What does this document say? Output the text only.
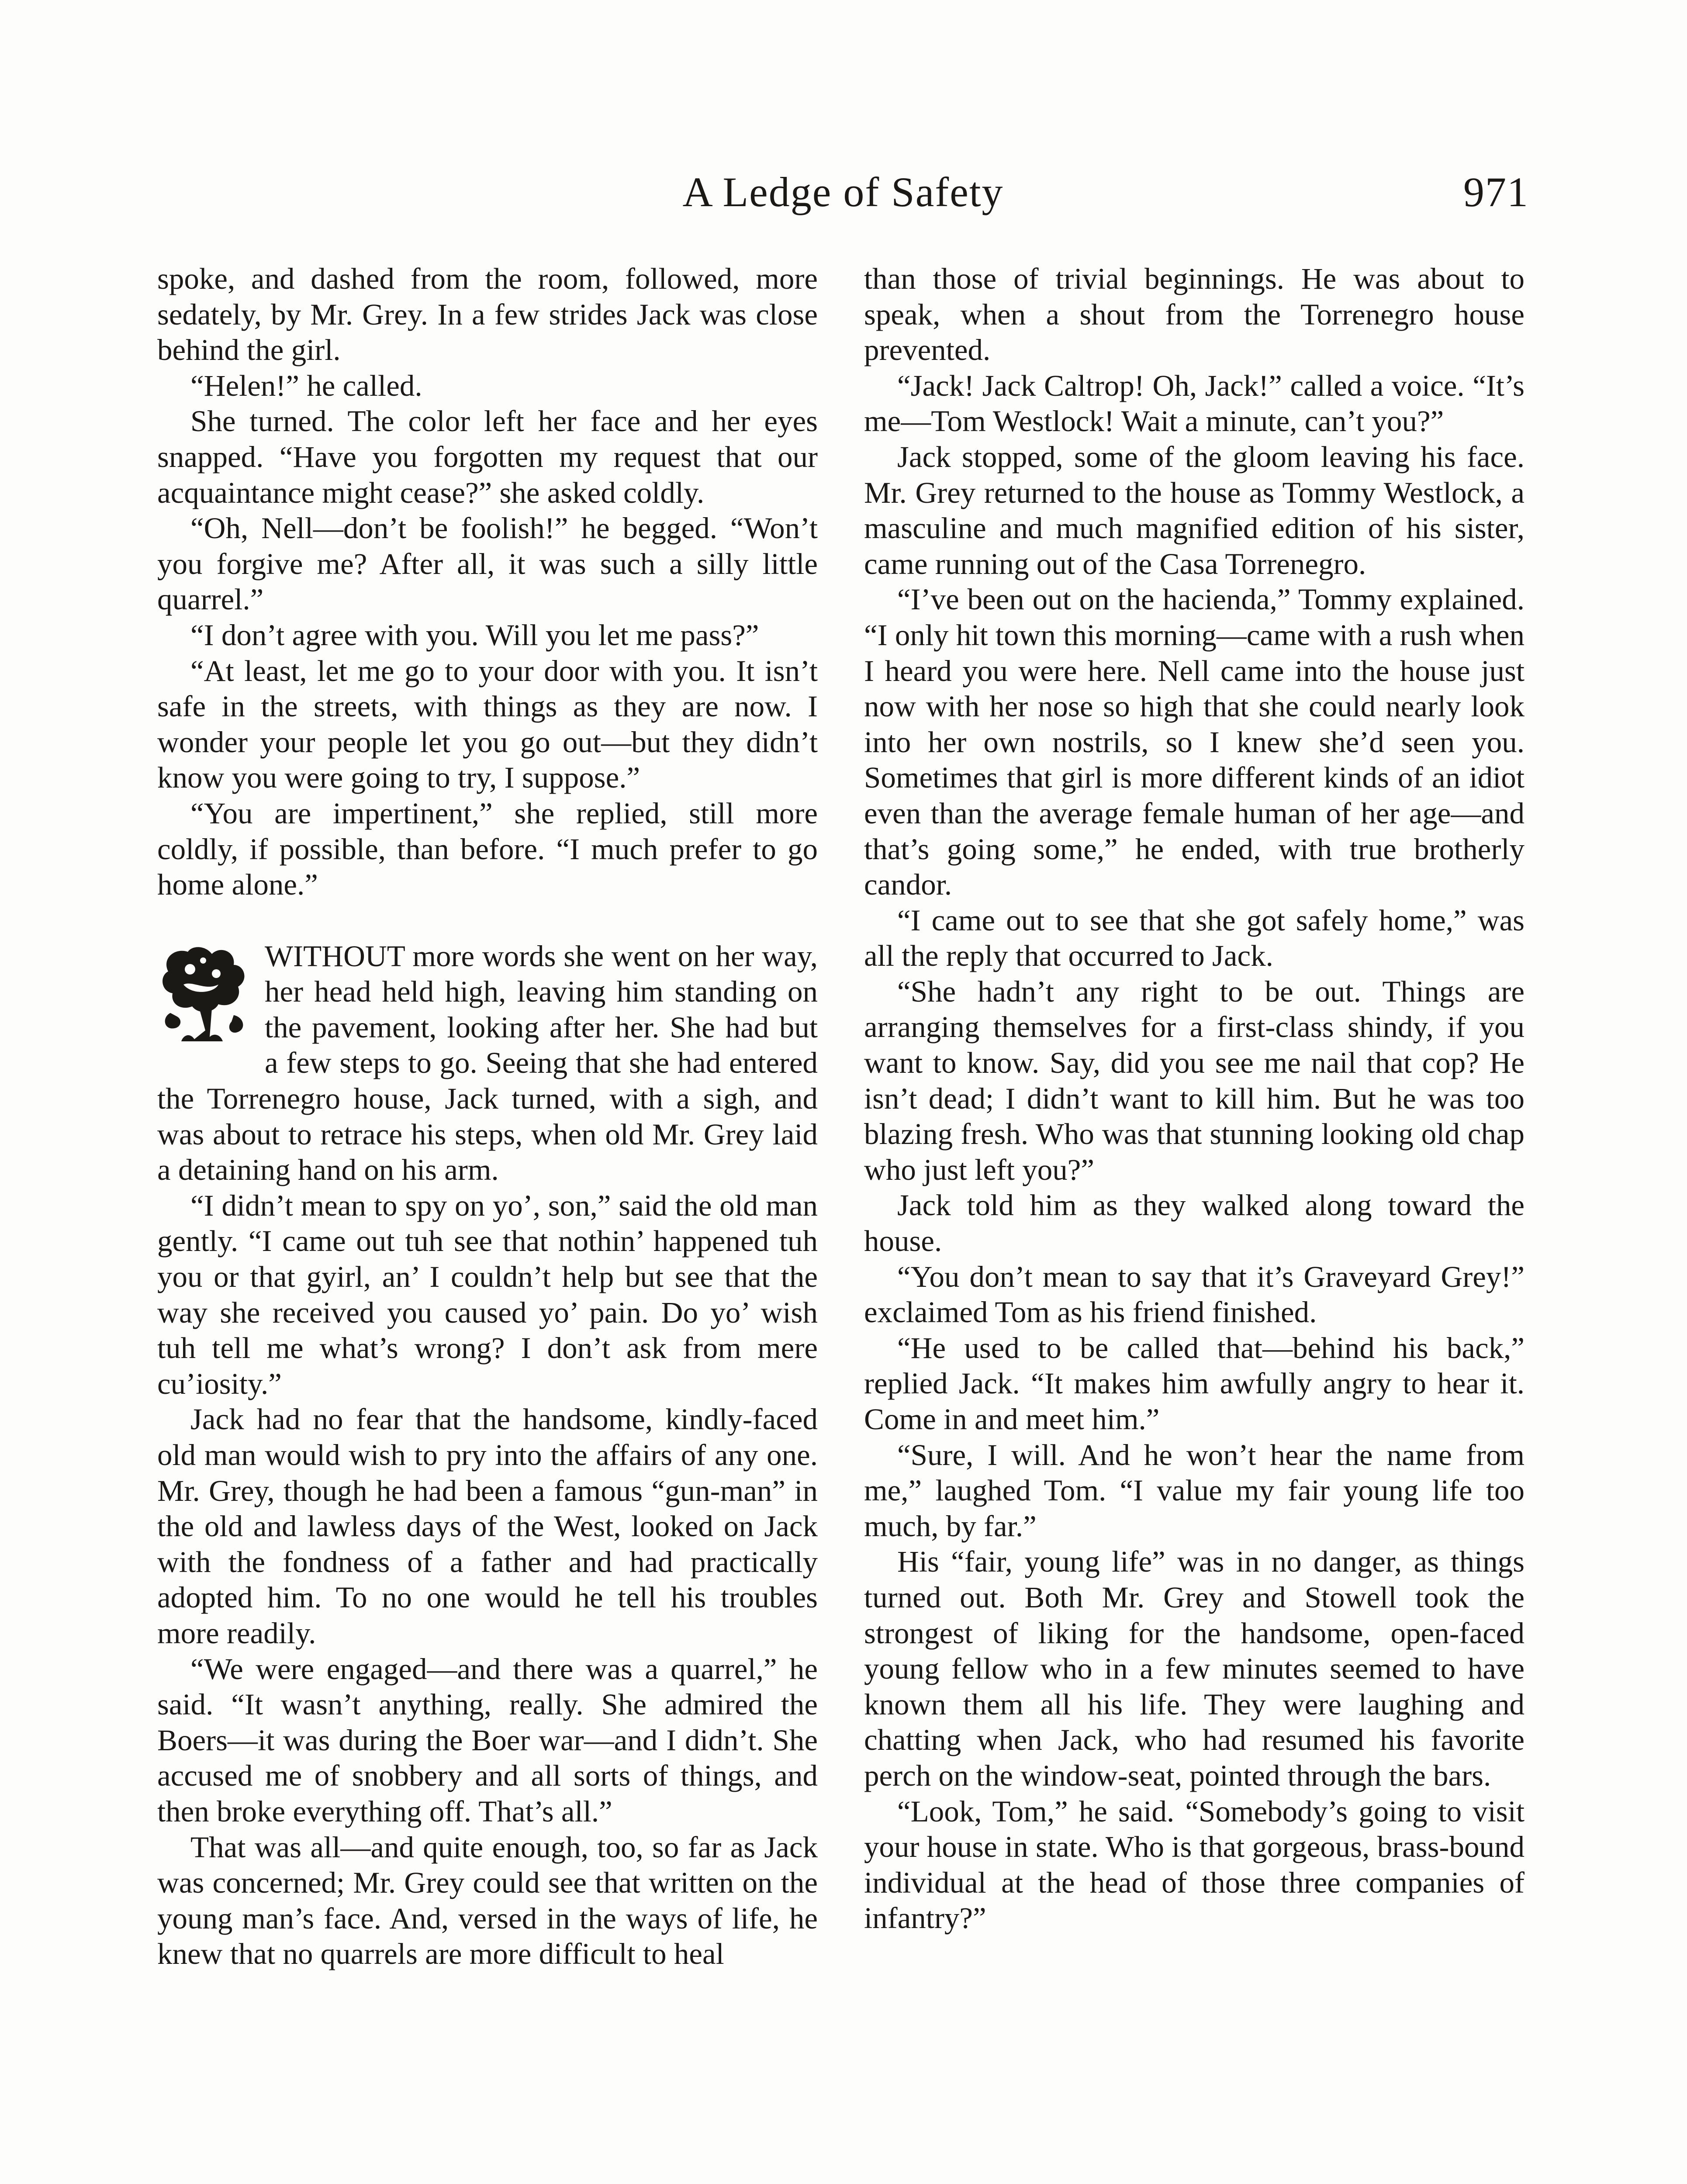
A Ledge of Safety	971

spoke, and dashed from the room, followed, more sedately, by Mr. Grey. In a few strides Jack was close behind the girl.

“Helen!” he called.

She turned. The color left her face and her eyes snapped. “Have you forgotten my request that our acquaintance might cease?” she asked coldly.

“Oh, Nell—don’t be foolish!” he begged. “Won’t you forgive me? After all, it was such a silly little quarrel.”

“I don’t agree with you. Will you let me pass?”

“At least, let me go to your door with you. It isn’t safe in the streets, with things as they are now. I wonder your people let you go out—but they didn’t know you were going to try, I suppose.”

“You are impertinent,” she replied, still more coldly, if possible, than before. “I much prefer to go home alone.”

WITHOUT more words she went on her way, her head held high, leaving him standing on the pavement, looking after her. She had but a few steps to go. Seeing that she had entered the Torrenegro house, Jack turned, with a sigh, and was about to retrace his steps, when old Mr. Grey laid a detaining hand on his arm.

“I didn’t mean to spy on yo’, son,” said the old man gently. “I came out tuh see that nothin’ happened tuh you or that gyirl, an’ I couldn’t help but see that the way she received you caused yo’ pain. Do yo’ wish tuh tell me what’s wrong? I don’t ask from mere cu’iosity.”

Jack had no fear that the handsome, kindly-faced old man would wish to pry into the affairs of any one. Mr. Grey, though he had been a famous “gun-man” in the old and lawless days of the West, looked on Jack with the fondness of a father and had practically adopted him. To no one would he tell his troubles more readily.

“We were engaged—and there was a quarrel,” he said. “It wasn’t anything, really. She admired the Boers—it was during the Boer war—and I didn’t. She accused me of snobbery and all sorts of things, and then broke everything off. That’s all.”

That was all—and quite enough, too, so far as Jack was concerned; Mr. Grey could see that written on the young man’s face. And, versed in the ways of life, he knew that no quarrels are more difficult to heal

than those of trivial beginnings. He was about to speak, when a shout from the Torrenegro house prevented.

“Jack! Jack Caltrop! Oh, Jack!” called a voice. “It’s me—Tom Westlock! Wait a minute, can’t you?”

Jack stopped, some of the gloom leaving his face. Mr. Grey returned to the house as Tommy Westlock, a masculine and much magnified edition of his sister, came running out of the Casa Torrenegro.

“I’ve been out on the hacienda,” Tommy explained. “I only hit town this morning—came with a rush when I heard you were here. Nell came into the house just now with her nose so high that she could nearly look into her own nostrils, so I knew she’d seen you. Sometimes that girl is more different kinds of an idiot even than the average female human of her age—and that’s going some,” he ended, with true brotherly candor.

“I came out to see that she got safely home,” was all the reply that occurred to Jack.

“She hadn’t any right to be out. Things are arranging themselves for a first-class shindy, if you want to know. Say, did you see me nail that cop? He isn’t dead; I didn’t want to kill him. But he was too blazing fresh. Who was that stunning looking old chap who just left you?”

Jack told him as they walked along toward the house.

“You don’t mean to say that it’s Graveyard Grey!” exclaimed Tom as his friend finished.

“He used to be called that—behind his back,” replied Jack. “It makes him awfully angry to hear it. Come in and meet him.”

“Sure, I will. And he won’t hear the name from me,” laughed Tom. “I value my fair young life too much, by far.”

His “fair, young life” was in no danger, as things turned out. Both Mr. Grey and Stowell took the strongest of liking for the handsome, open-faced young fellow who in a few minutes seemed to have known them all his life. They were laughing and chatting when Jack, who had resumed his favorite perch on the window-seat, pointed through the bars.

“Look, Tom,” he said. “Somebody’s going to visit your house in state. Who is that gorgeous, brass-bound individual at the head of those three companies of infantry?”
